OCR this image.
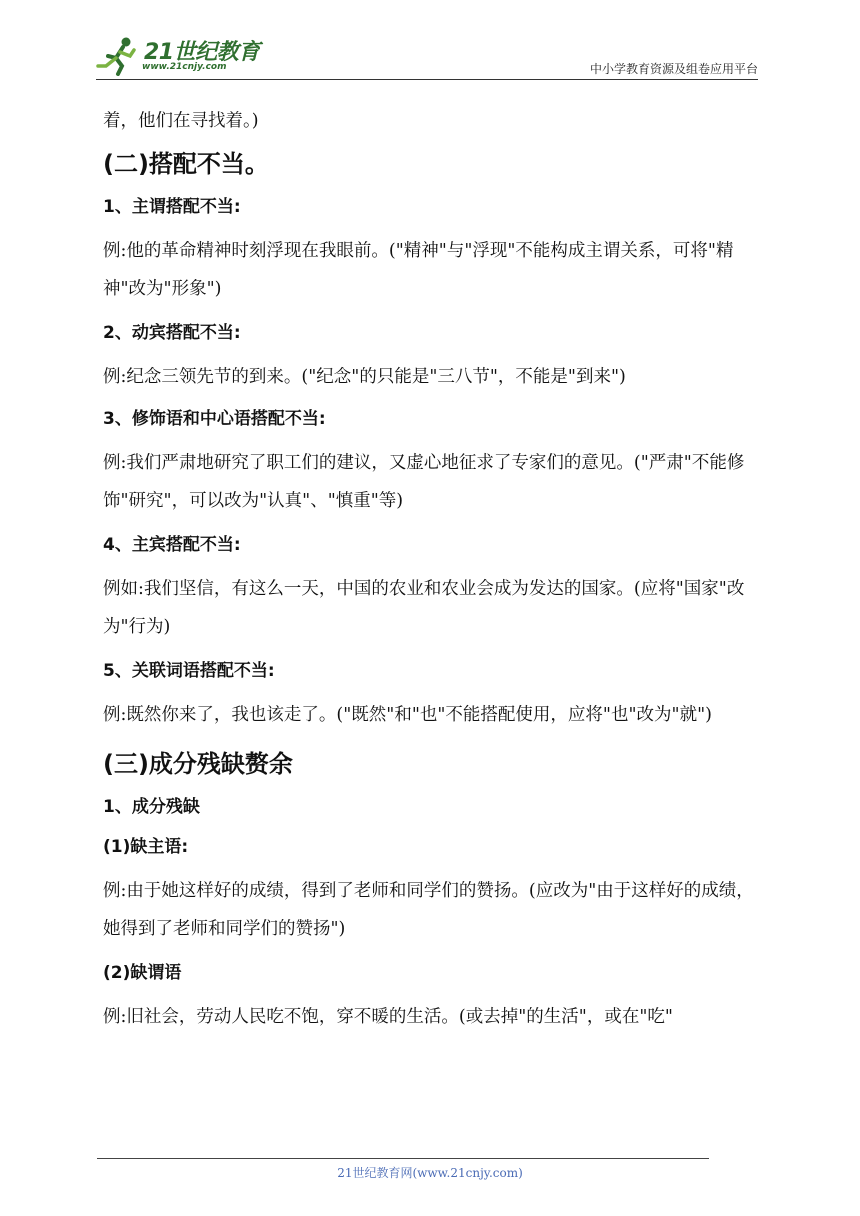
21世纪教育
www.21cnjy.com	中小学教育资源及组卷应用平台

着，他们在寻找着。)

(二)搭配不当。
1、主谓搭配不当:

例:他的革命精神时刻浮现在我眼前。("精神"与"浮现"不能构成主谓关系，可将"精神"改为"形象")

2、动宾搭配不当:

例:纪念三领先节的到来。("纪念"的只能是"三八节"，不能是"到来")

3、修饰语和中心语搭配不当:

例:我们严肃地研究了职工们的建议，又虚心地征求了专家们的意见。("严肃"不能修饰"研究"，可以改为"认真"、"慎重"等)

4、主宾搭配不当:

例如:我们坚信，有这么一天，中国的农业和农业会成为发达的国家。(应将"国家"改为"行为)

5、关联词语搭配不当:

例:既然你来了，我也该走了。("既然"和"也"不能搭配使用，应将"也"改为"就")

(三)成分残缺赘余
1、成分残缺
(1)缺主语:

例:由于她这样好的成绩，得到了老师和同学们的赞扬。(应改为"由于这样好的成绩，她得到了老师和同学们的赞扬")

(2)缺谓语

例:旧社会，劳动人民吃不饱，穿不暖的生活。(或去掉"的生活"，或在"吃"

21世纪教育网(www.21cnjy.com)
